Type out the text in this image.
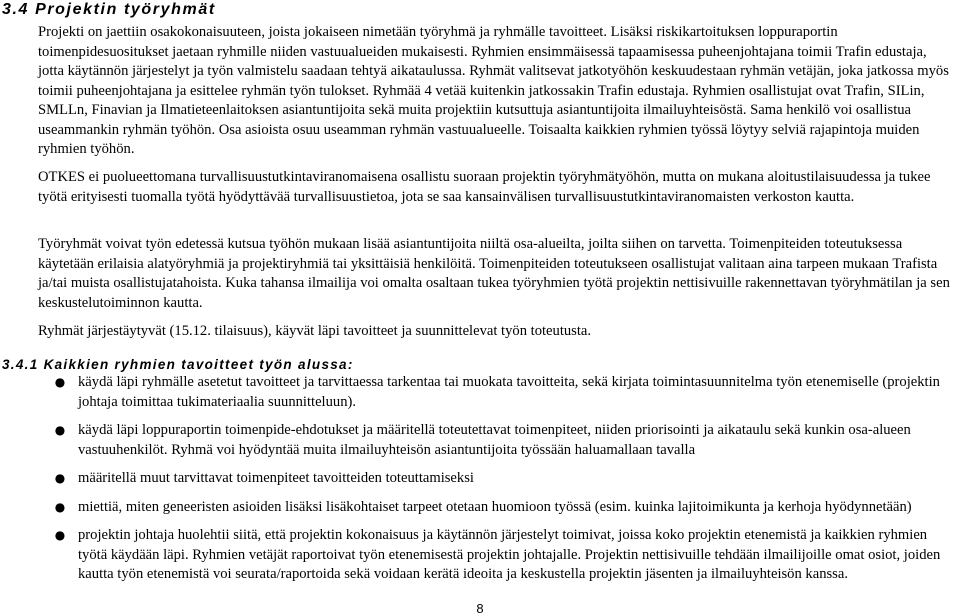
3.4 Projektin työryhmät

Projekti on jaettiin osakokonaisuuteen, joista jokaiseen nimetään työryhmä ja ryhmälle tavoitteet. Lisäksi riskikartoituksen loppuraportin toimenpidesuositukset jaetaan ryhmille niiden vastuualueiden mukaisesti. Ryhmien ensimmäisessä tapaamisessa puheenjohtajana toimii Trafin edustaja, jotta käytännön järjestelyt ja työn valmistelu saadaan tehtyä aikataulussa. Ryhmät valitsevat jatkotyöhön keskuudestaan ryhmän vetäjän, joka jatkossa myös toimii puheenjohtajana ja esittelee ryhmän työn tulokset. Ryhmää 4 vetää kuitenkin jatkossakin Trafin edustaja. Ryhmien osallistujat ovat Trafin, SILin, SMLLn, Finavian ja Ilmatieteenlaitoksen asiantuntijoita sekä muita projektiin kutsuttuja asiantuntijoita ilmailuyhteisöstä. Sama henkilö voi osallistua useammankin ryhmän työhön. Osa asioista osuu useamman ryhmän vastuualueelle. Toisaalta kaikkien ryhmien työssä löytyy selviä rajapintoja muiden ryhmien työhön.

OTKES ei puolueettomana turvallisuustutkintaviranomaisena osallistu suoraan projektin työryhmätyöhön, mutta on mukana aloitustilaisuudessa ja tukee työtä erityisesti tuomalla työtä hyödyttävää turvallisuustietoa, jota se saa kansainvälisen turvallisuustutkintaviranomaisten verkoston kautta.

Työryhmät voivat työn edetessä kutsua työhön mukaan lisää asiantuntijoita niiltä osa-alueilta, joilta siihen on tarvetta. Toimenpiteiden toteutuksessa käytetään erilaisia alatyöryhmiä ja projektiryhmiä tai yksittäisiä henkilöitä. Toimenpiteiden toteutukseen osallistujat valitaan aina tarpeen mukaan Trafista ja/tai muista osallistujatahoista. Kuka tahansa ilmailija voi omalta osaltaan tukea työryhmien työtä projektin nettisivuille rakennettavan työryhmätilan ja sen keskustelutoiminnon kautta.

Ryhmät järjestäytyvät (15.12. tilaisuus), käyvät läpi tavoitteet ja suunnittelevat työn toteutusta.

3.4.1 Kaikkien ryhmien tavoitteet työn alussa:
● käydä läpi ryhmälle asetetut tavoitteet ja tarvittaessa tarkentaa tai muokata tavoitteita, sekä kirjata toimintasuunnitelma työn etenemiselle (projektin johtaja toimittaa tukimateriaalia suunnitteluun).
● käydä läpi loppuraportin toimenpide-ehdotukset ja määritellä toteutettavat toimenpiteet, niiden priorisointi ja aikataulu sekä kunkin osa-alueen vastuuhenkilöt. Ryhmä voi hyödyntää muita ilmailuyhteisön asiantuntijoita työssään haluamallaan tavalla
● määritellä muut tarvittavat toimenpiteet tavoitteiden toteuttamiseksi
● miettiä, miten geneeristen asioiden lisäksi lisäkohtaiset tarpeet otetaan huomioon työssä (esim. kuinka lajitoimikunta ja kerhoja hyödynnetään)
● projektin johtaja huolehtii siitä, että projektin kokonaisuus ja käytännön järjestelyt toimivat, joissa koko projektin etenemistä ja kaikkien ryhmien työtä käydään läpi. Ryhmien vetäjät raportoivat työn etenemisestä projektin johtajalle. Projektin nettisivuille tehdään ilmailijoille omat osiot, joiden kautta työn etenemistä voi seurata/raportoida sekä voidaan kerätä ideoita ja keskustella projektin jäsenten ja ilmailuyhteisön kanssa.
8
